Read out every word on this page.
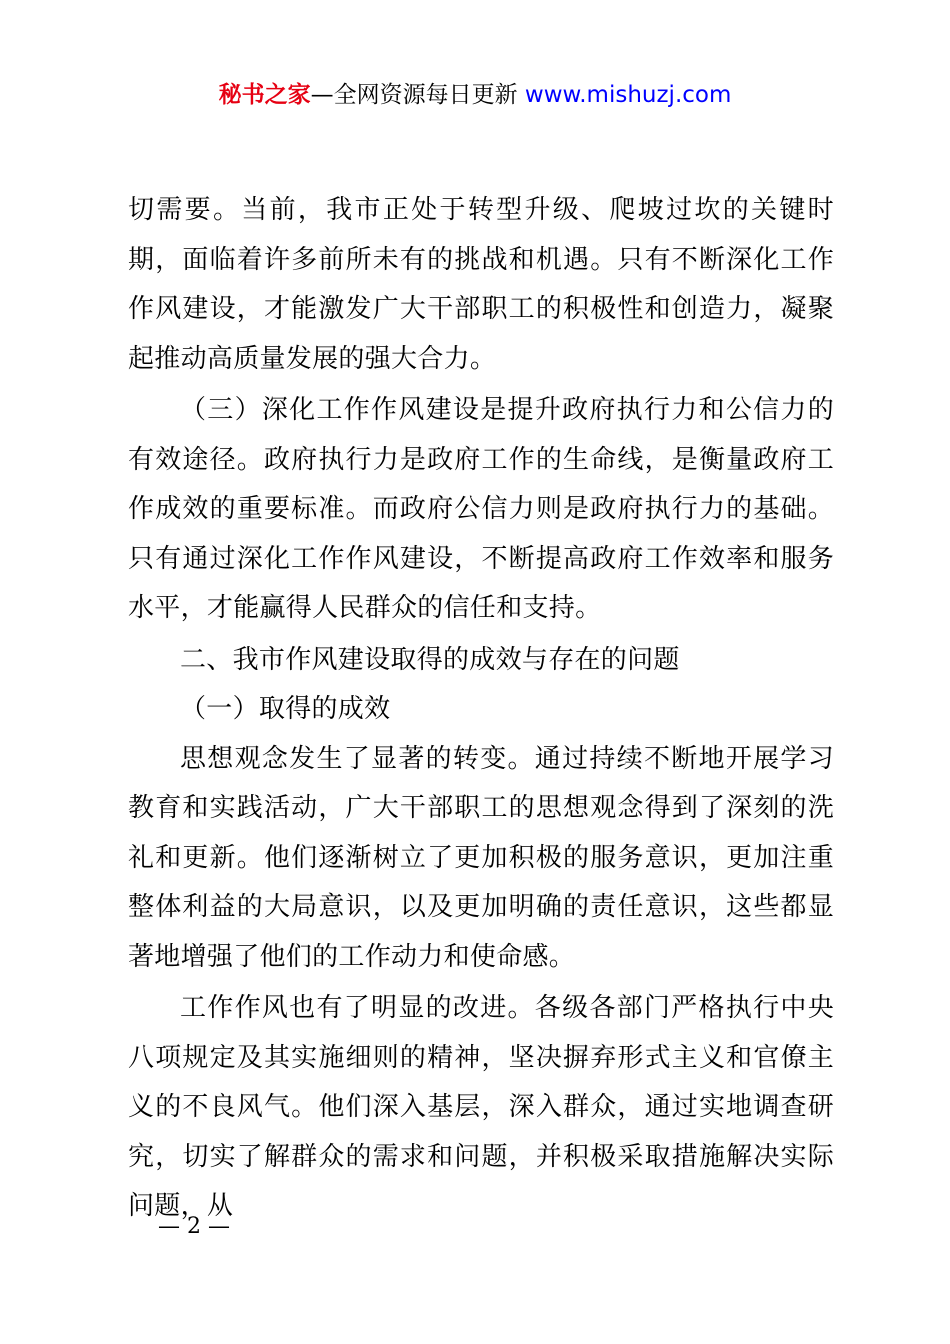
秘书之家—全网资源每日更新 www.mishuzj.com

切需要。当前，我市正处于转型升级、爬坡过坎的关键时期，面临着许多前所未有的挑战和机遇。只有不断深化工作作风建设，才能激发广大干部职工的积极性和创造力，凝聚起推动高质量发展的强大合力。

（三）深化工作作风建设是提升政府执行力和公信力的有效途径。政府执行力是政府工作的生命线，是衡量政府工作成效的重要标准。而政府公信力则是政府执行力的基础。只有通过深化工作作风建设，不断提高政府工作效率和服务水平，才能赢得人民群众的信任和支持。

二、我市作风建设取得的成效与存在的问题

（一）取得的成效

思想观念发生了显著的转变。通过持续不断地开展学习教育和实践活动，广大干部职工的思想观念得到了深刻的洗礼和更新。他们逐渐树立了更加积极的服务意识，更加注重整体利益的大局意识，以及更加明确的责任意识，这些都显著地增强了他们的工作动力和使命感。

工作作风也有了明显的改进。各级各部门严格执行中央八项规定及其实施细则的精神，坚决摒弃形式主义和官僚主义的不良风气。他们深入基层，深入群众，通过实地调查研究，切实了解群众的需求和问题，并积极采取措施解决实际问题，从

— 2 —
